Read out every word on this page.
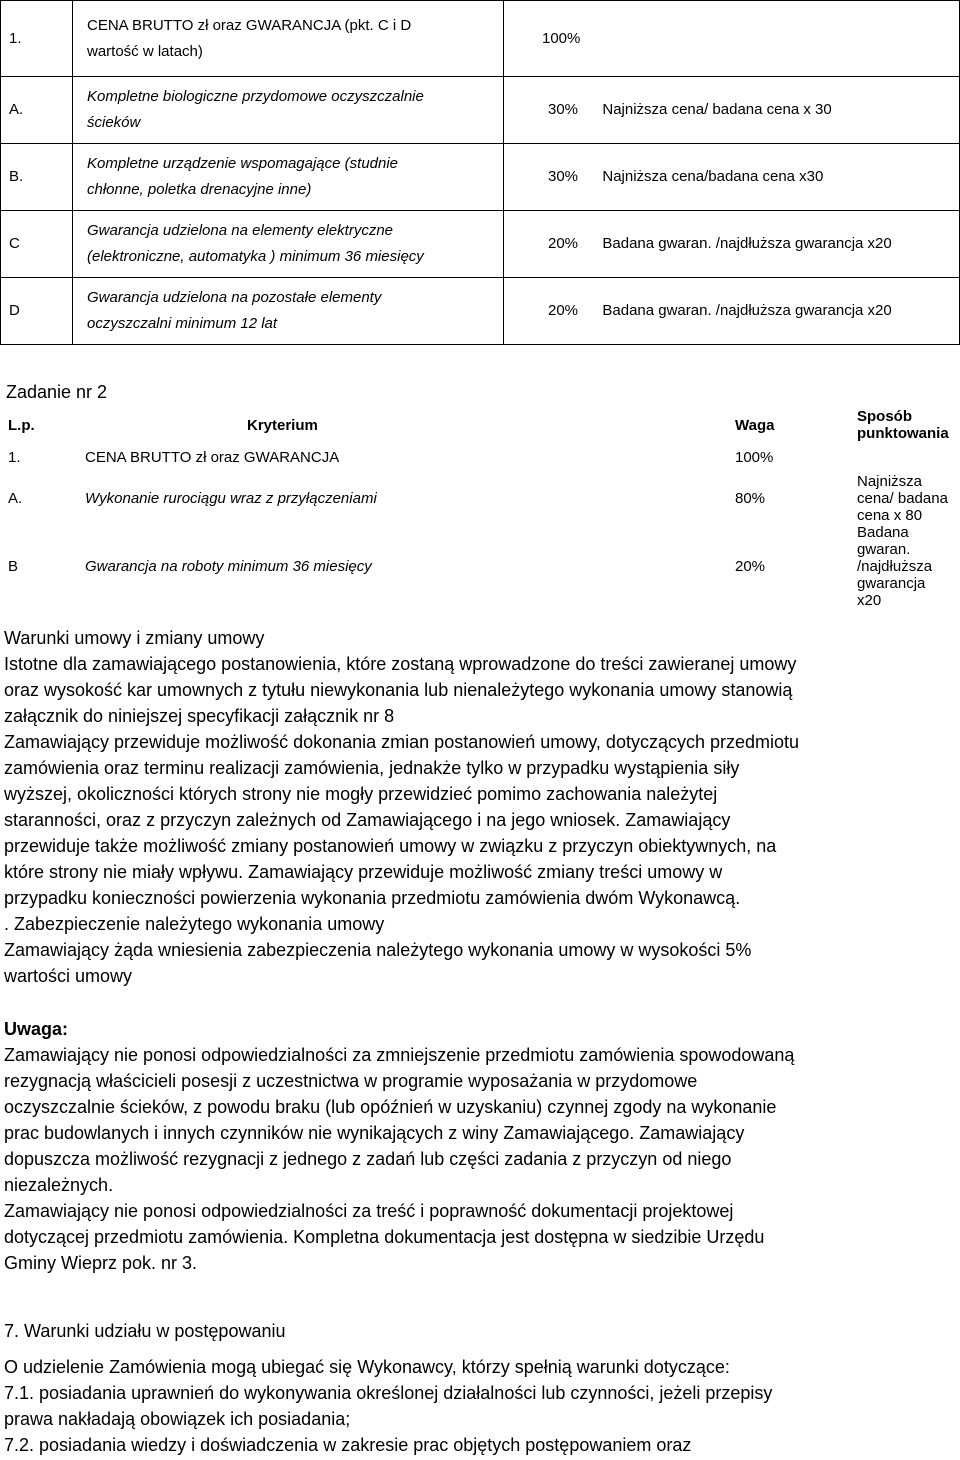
1.	CENA BRUTTO zł oraz GWARANCJA (pkt. C i D
wartość w latach)	100%
A.	Kompletne biologiczne przydomowe oczyszczalnie
ścieków	30% Najniższa cena/ badana cena x 30
B.	Kompletne urządzenie wspomagające (studnie
chłonne, poletka drenacyjne inne)	30% Najniższa cena/badana cena x30
C	Gwarancja udzielona na elementy elektryczne
(elektroniczne, automatyka ) minimum 36 miesięcy	20% Badana gwaran. /najdłuższa gwarancja x20
D	Gwarancja udzielona na pozostałe elementy
oczyszczalni minimum 12 lat	20% Badana gwaran. /najdłuższa gwarancja x20
Zadanie nr 2
L.p.	Kryterium	Waga	Sposób punktowania
1.	CENA BRUTTO zł oraz GWARANCJA	100%	
A.	Wykonanie rurociągu wraz z przyłączeniami	80%	Najniższa cena/ badana cena x 80
B	Gwarancja na roboty minimum 36 miesięcy	20%	Badana gwaran. /najdłuższa gwarancja x20

Warunki umowy i zmiany umowy

Istotne dla zamawiającego postanowienia, które zostaną wprowadzone do treści zawieranej umowy

oraz wysokość kar umownych z tytułu niewykonania lub nienależytego wykonania umowy stanowią

załącznik do niniejszej specyfikacji załącznik nr 8

Zamawiający przewiduje możliwość dokonania zmian postanowień umowy, dotyczących przedmiotu

zamówienia oraz terminu realizacji zamówienia, jednakże tylko w przypadku wystąpienia siły

wyższej, okoliczności których strony nie mogły przewidzieć pomimo zachowania należytej

staranności, oraz z przyczyn zależnych od Zamawiającego i na jego wniosek. Zamawiający

przewiduje także możliwość zmiany postanowień umowy w związku z przyczyn obiektywnych, na

które strony nie miały wpływu. Zamawiający przewiduje możliwość zmiany treści umowy w

przypadku konieczności powierzenia wykonania przedmiotu zamówienia dwóm Wykonawcą.

. Zabezpieczenie należytego wykonania umowy

Zamawiający żąda wniesienia zabezpieczenia należytego wykonania umowy w wysokości 5%

wartości umowy

Uwaga:

Zamawiający nie ponosi odpowiedzialności za zmniejszenie przedmiotu zamówienia spowodowaną

rezygnacją właścicieli posesji z uczestnictwa w programie wyposażania w przydomowe

oczyszczalnie ścieków, z powodu braku (lub opóźnień w uzyskaniu) czynnej zgody na wykonanie

prac budowlanych i innych czynników nie wynikających z winy Zamawiającego. Zamawiający

dopuszcza możliwość rezygnacji z jednego z zadań lub części zadania z przyczyn od niego

niezależnych.

Zamawiający nie ponosi odpowiedzialności za treść i poprawność dokumentacji projektowej

dotyczącej przedmiotu zamówienia. Kompletna dokumentacja jest dostępna w siedzibie Urzędu

Gminy Wieprz pok. nr 3.

7. Warunki udziału w postępowaniu

O udzielenie Zamówienia mogą ubiegać się Wykonawcy, którzy spełnią warunki dotyczące:

7.1. posiadania uprawnień do wykonywania określonej działalności lub czynności, jeżeli przepisy

prawa nakładają obowiązek ich posiadania;

7.2. posiadania wiedzy i doświadczenia w zakresie prac objętych postępowaniem oraz
